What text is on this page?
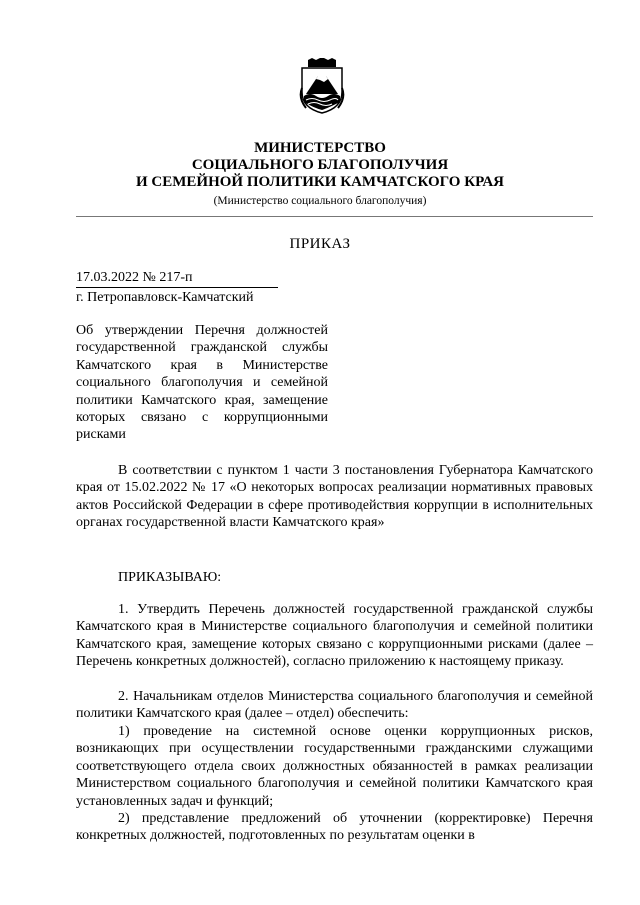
МИНИСТЕРСТВО
СОЦИАЛЬНОГО БЛАГОПОЛУЧИЯ
И СЕМЕЙНОЙ ПОЛИТИКИ КАМЧАТСКОГО КРАЯ
(Министерство социального благополучия)
ПРИКАЗ
17.03.2022 № 217-п
г. Петропавловск-Камчатский
Об утверждении Перечня должностей государственной гражданской службы Камчатского края в Министерстве социального благополучия и семейной политики Камчатского края, замещение которых связано с коррупционными рисками
В соответствии с пунктом 1 части 3 постановления Губернатора Камчатского края от 15.02.2022 № 17 «О некоторых вопросах реализации нормативных правовых актов Российской Федерации в сфере противодействия коррупции в исполнительных органах государственной власти Камчатского края»
ПРИКАЗЫВАЮ:
1. Утвердить Перечень должностей государственной гражданской службы Камчатского края в Министерстве социального благополучия и семейной политики Камчатского края, замещение которых связано с коррупционными рисками (далее – Перечень конкретных должностей), согласно приложению к настоящему приказу.
2. Начальникам отделов Министерства социального благополучия и семейной политики Камчатского края (далее – отдел) обеспечить:
1) проведение на системной основе оценки коррупционных рисков, возникающих при осуществлении государственными гражданскими служащими соответствующего отдела своих должностных обязанностей в рамках реализации Министерством социального благополучия и семейной политики Камчатского края установленных задач и функций;
2) представление предложений об уточнении (корректировке) Перечня конкретных должностей, подготовленных по результатам оценки в
